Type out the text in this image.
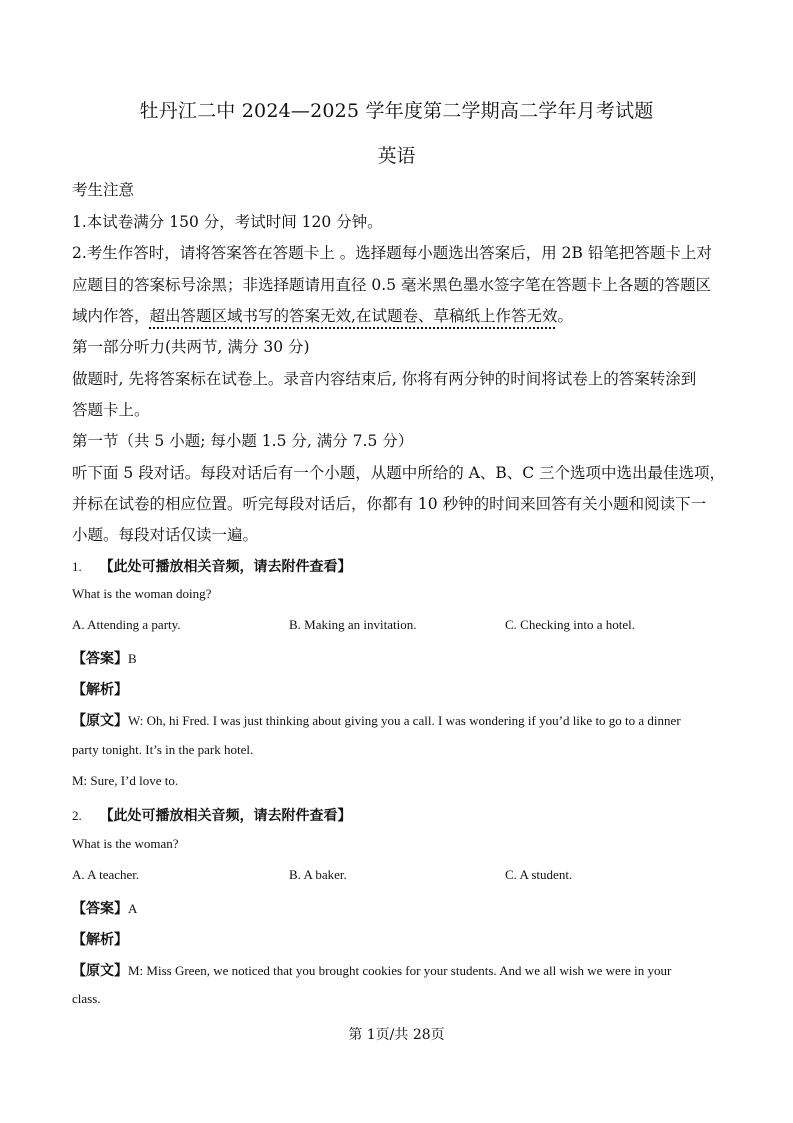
牡丹江二中 2024—2025 学年度第二学期高二学年月考试题
英语
考生注意
1.本试卷满分 150 分，考试时间 120 分钟。
2.考生作答时，请将答案答在答题卡上 。选择题每小题选出答案后，用 2B 铅笔把答题卡上对
应题目的答案标号涂黑；非选择题请用直径 0.5 毫米黑色墨水签字笔在答题卡上各题的答题区
域内作答，超出答题区域书写的答案无效,在试题卷、草稿纸上作答无效。
第一部分听力(共两节, 满分 30 分)
做题时, 先将答案标在试卷上。录音内容结束后, 你将有两分钟的时间将试卷上的答案转涂到
答题卡上。
第一节（共 5 小题; 每小题 1.5 分, 满分 7.5 分）
听下面 5 段对话。每段对话后有一个小题，从题中所给的 A、B、C 三个选项中选出最佳选项，
并标在试卷的相应位置。听完每段对话后，你都有 10 秒钟的时间来回答有关小题和阅读下一
小题。每段对话仅读一遍。
1. 【此处可播放相关音频，请去附件查看】
What is the woman doing?
A. Attending a party.	B. Making an invitation.	C. Checking into a hotel.
【答案】B
【解析】
【原文】W: Oh, hi Fred. I was just thinking about giving you a call. I was wondering if you’d like to go to a dinner
party tonight. It’s in the park hotel.
M: Sure, I’d love to.
2. 【此处可播放相关音频，请去附件查看】
What is the woman?
A. A teacher.	B. A baker.	C. A student.
【答案】A
【解析】
【原文】M: Miss Green, we noticed that you brought cookies for your students. And we all wish we were in your
class.
第 1页/共 28页
